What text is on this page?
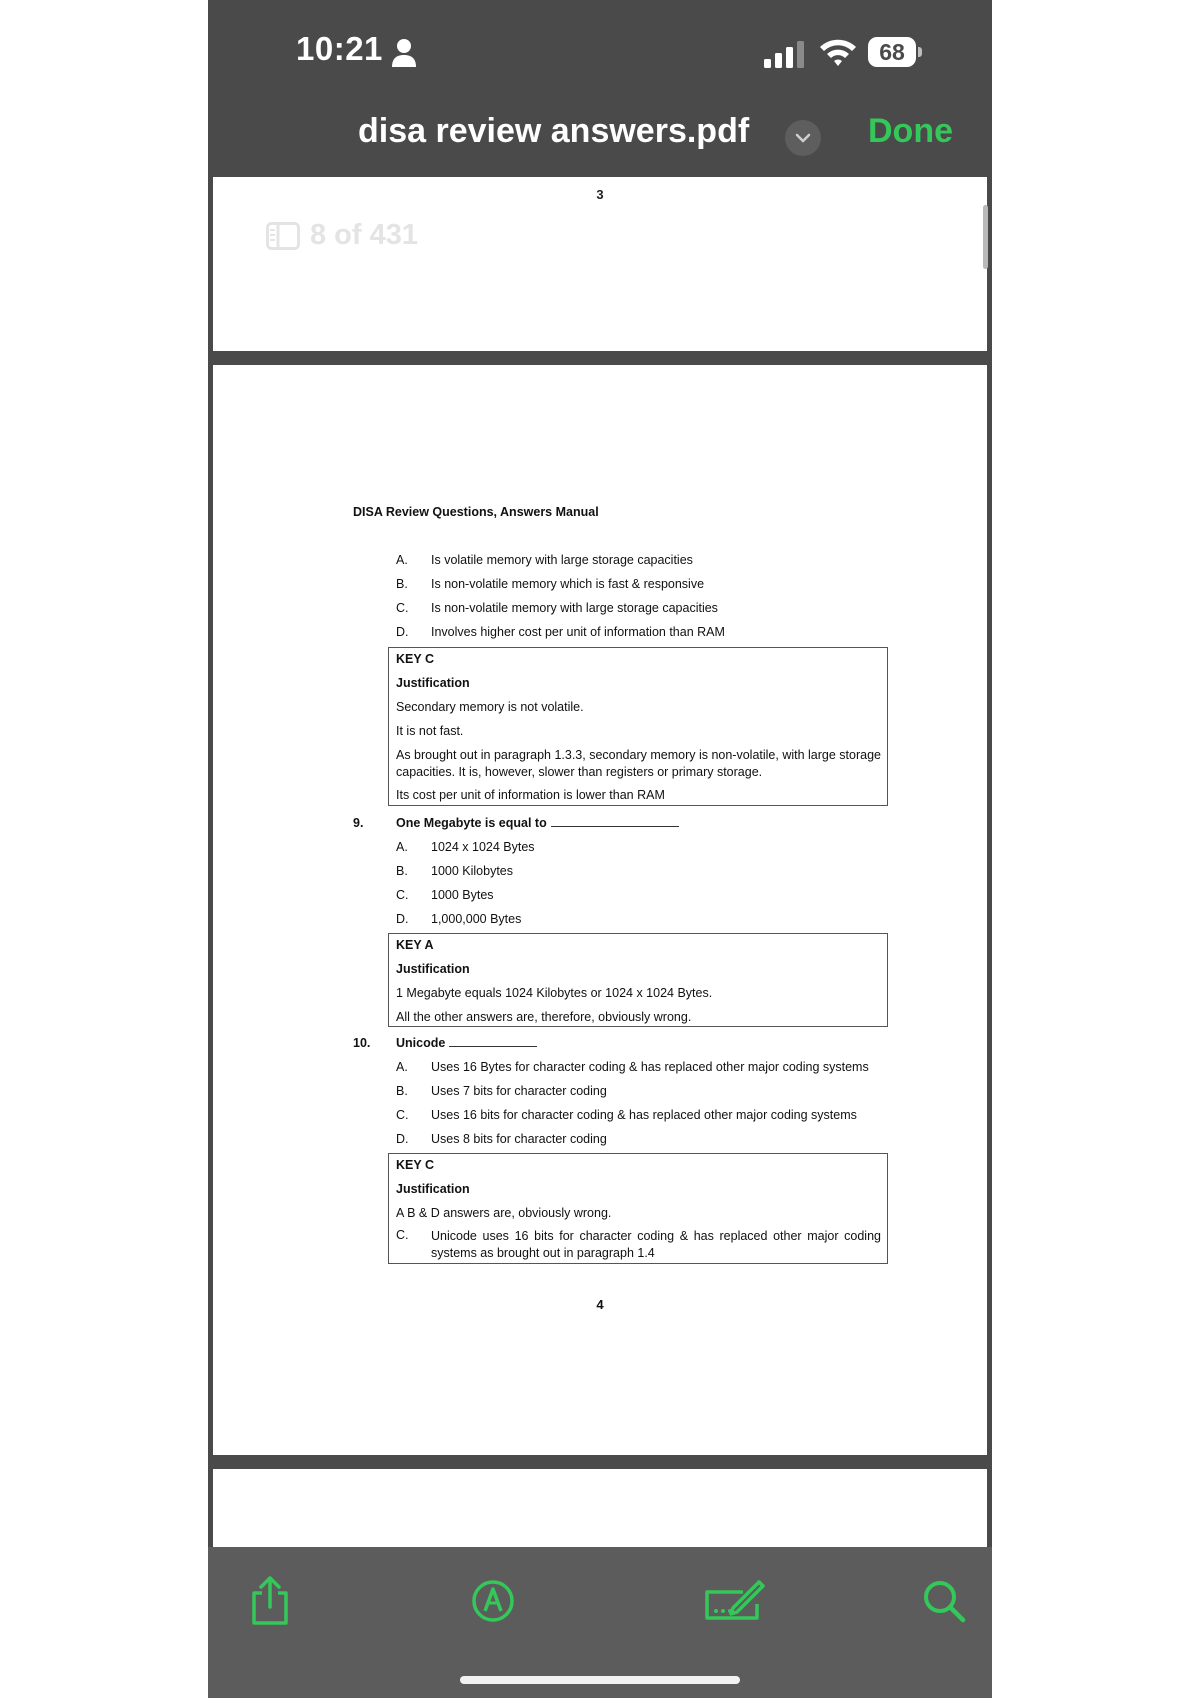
10:21	68
disa review answers.pdf	Done
3
8 of 431
DISA Review Questions, Answers Manual
A. Is volatile memory with large storage capacities
B. Is non-volatile memory which is fast & responsive
C. Is non-volatile memory with large storage capacities
D. Involves higher cost per unit of information than RAM
KEY C
Justification
Secondary memory is not volatile.
It is not fast.
As brought out in paragraph 1.3.3, secondary memory is non-volatile, with large storage capacities. It is, however, slower than registers or primary storage.
Its cost per unit of information is lower than RAM
9.	One Megabyte is equal to
A. 1024 x 1024 Bytes
B. 1000 Kilobytes
C. 1000 Bytes
D. 1,000,000 Bytes
KEY A
Justification
1 Megabyte equals 1024 Kilobytes or 1024 x 1024 Bytes.
All the other answers are, therefore, obviously wrong.
10. Unicode
A. Uses 16 Bytes for character coding & has replaced other major coding systems
B. Uses 7 bits for character coding
C. Uses 16 bits for character coding & has replaced other major coding systems
D. Uses 8 bits for character coding
KEY C
Justification
A B & D answers are, obviously wrong.
C. Unicode uses 16 bits for character coding & has replaced other major coding systems as brought out in paragraph 1.4
4
